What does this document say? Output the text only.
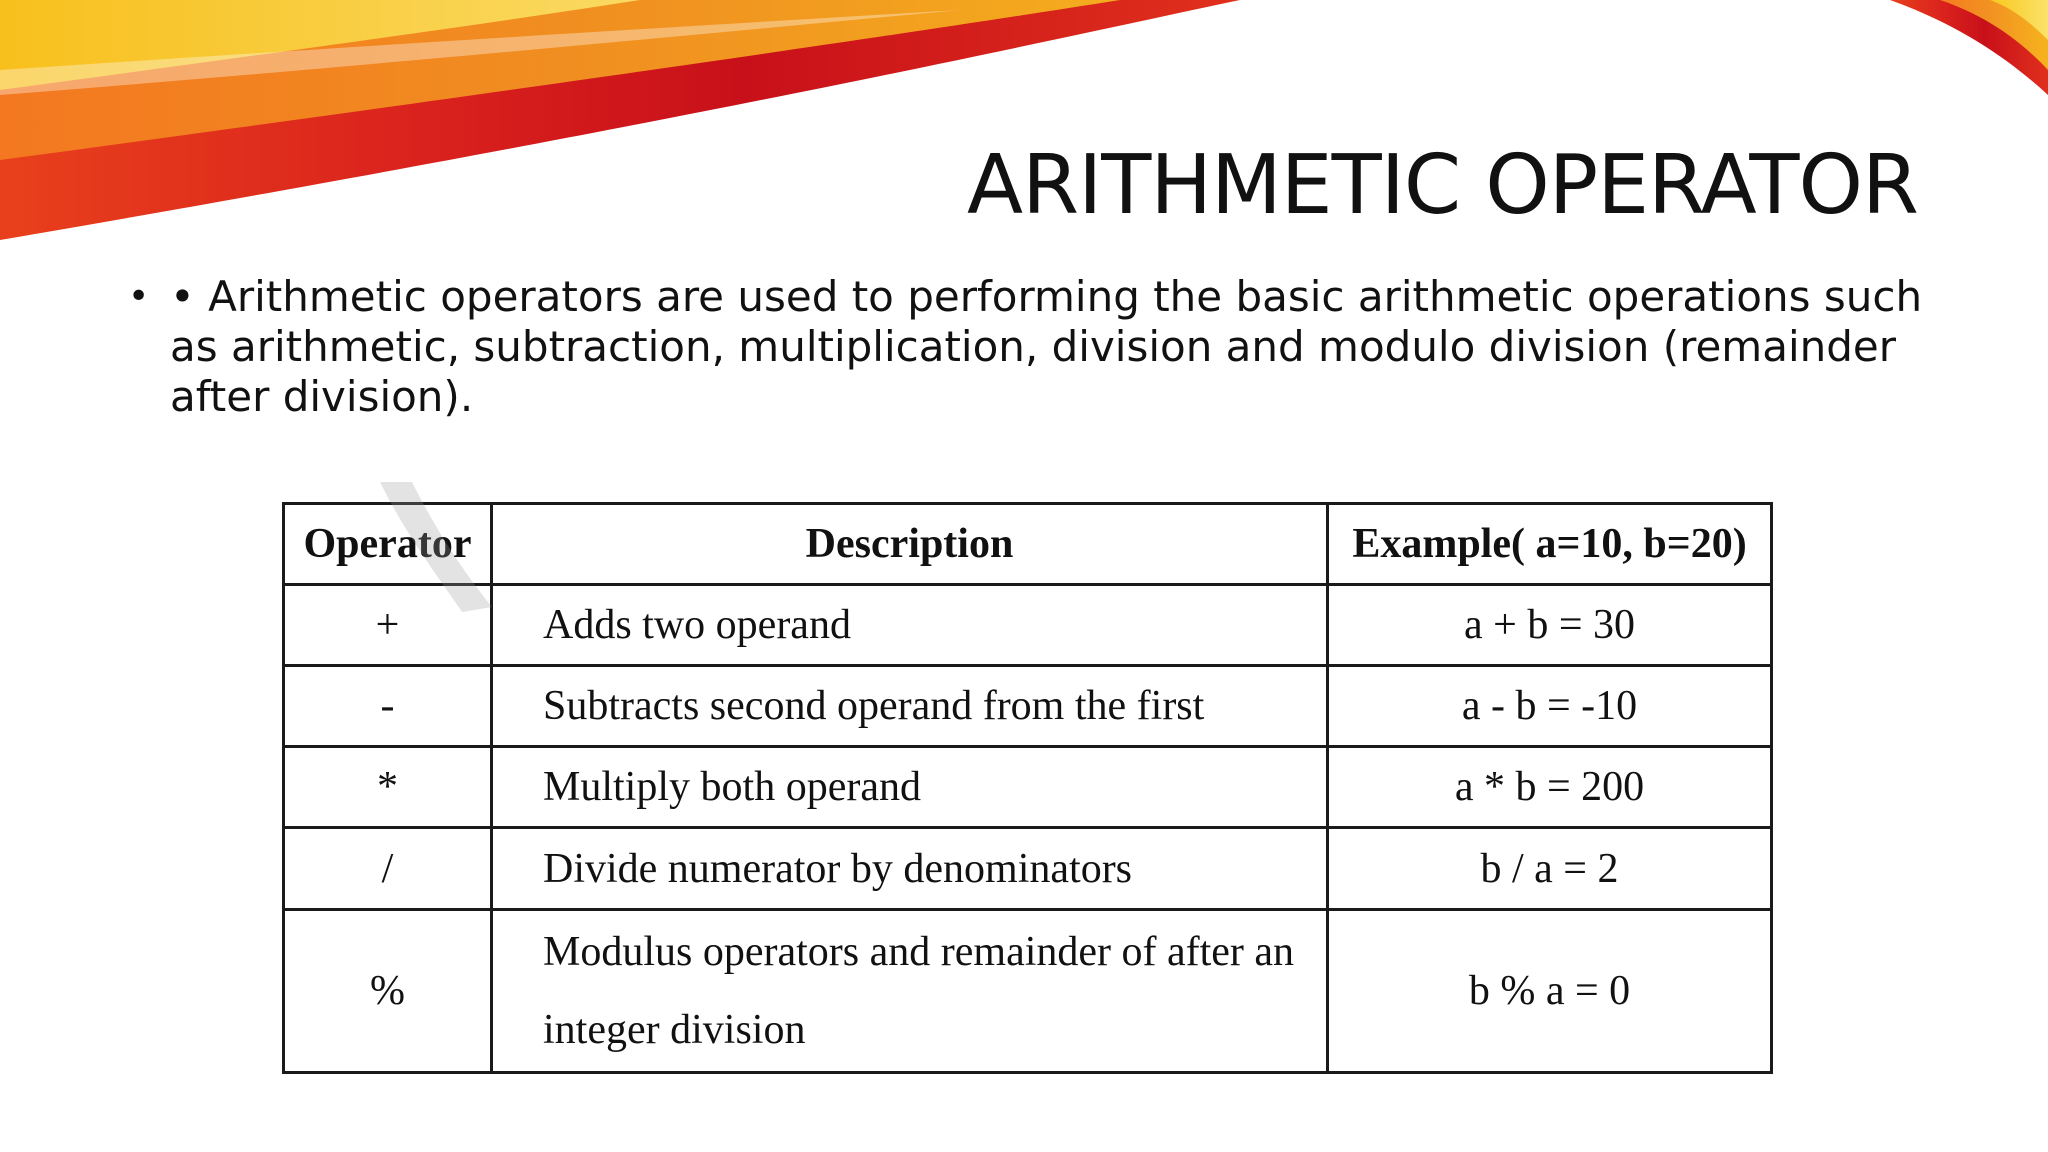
ARITHMETIC OPERATOR
• • Arithmetic operators are used to performing the basic arithmetic operations such as arithmetic, subtraction, multiplication, division and modulo division (remainder after division).
Operator	Description	Example( a=10, b=20)
+	Adds two operand	a + b = 30
-	Subtracts second operand from the first	a - b = -10
*	Multiply both operand	a * b = 200
/	Divide numerator by denominators	b / a = 2
%	Modulus operators and remainder of after an integer division	b % a = 0
